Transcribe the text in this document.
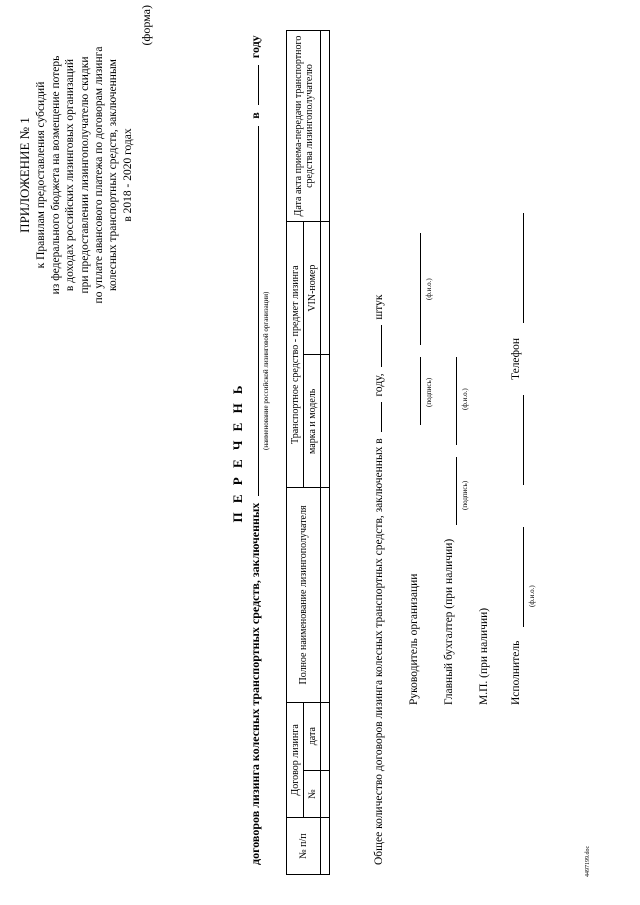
ПРИЛОЖЕНИЕ № 1 к Правилам предоставления субсидий из федерального бюджета на возмещение потерь в доходах российских лизинговых организаций при предоставлении лизингополучателю скидки по уплате авансового платежа по договорам лизинга колесных транспортных средств, заключенным в 2018 - 2020 годах
(форма)
П Е Р Е Ч Е Н Ь
договоров лизинга колесных транспортных средств, заключенных  в  году
(наименование российской лизинговой организации)
№ п/п	Договор лизинга		Полное наименование лизингополучателя	Транспортное средство - предмет лизинга		Дата акта приема-передачи транспортного средства лизингополучателю
	№	дата		марка и модель	VIN-номер	

Общее количество договоров лизинга колесных транспортных средств, заключенных в  году,  штук
Руководитель организации
(подпись)
(ф.и.о.)
Главный бухгалтер (при наличии)
(подпись)
(ф.и.о.)
М.П. (при наличии) Исполнитель
(ф.и.о.)
Телефон
4497199.doc
